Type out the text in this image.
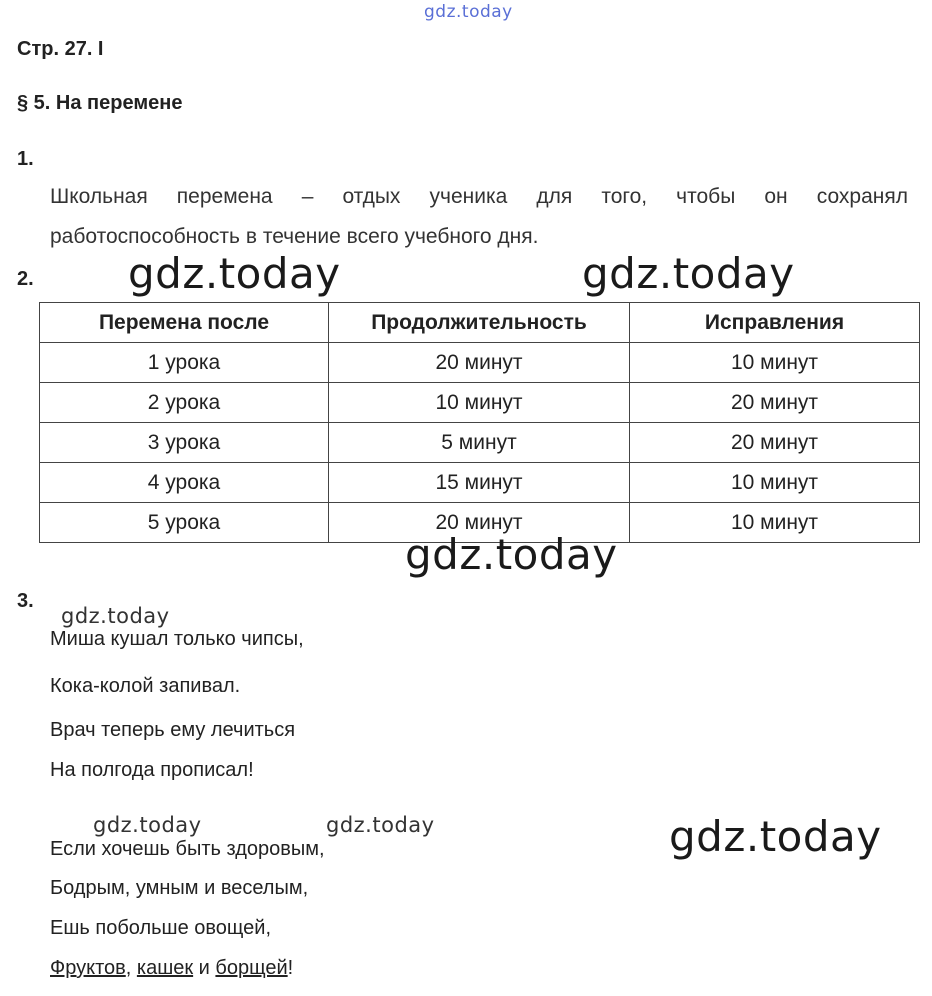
gdz.today
Стр. 27. I
§ 5. На перемене
1.
Школьная перемена – отдых ученика для того, чтобы он сохранял
работоспособность в течение всего учебного дня.
2. gdz.today	gdz.today
Перемена после	Продолжительность	Исправления
1 урока	20 минут	10 минут
2 урока	10 минут	20 минут
3 урока	5 минут	20 минут
4 урока	15 минут	10 минут
5 урока	20 минут	10 минут
gdz.today
3.
gdz.today
Миша кушал только чипсы,
Кока-колой запивал.
Врач теперь ему лечиться
На полгода прописал!
gdz.today	gdz.today	gdz.today
Если хочешь быть здоровым,
Бодрым, умным и веселым,
Ешь побольше овощей,
Фруктов, кашек и борщей!
